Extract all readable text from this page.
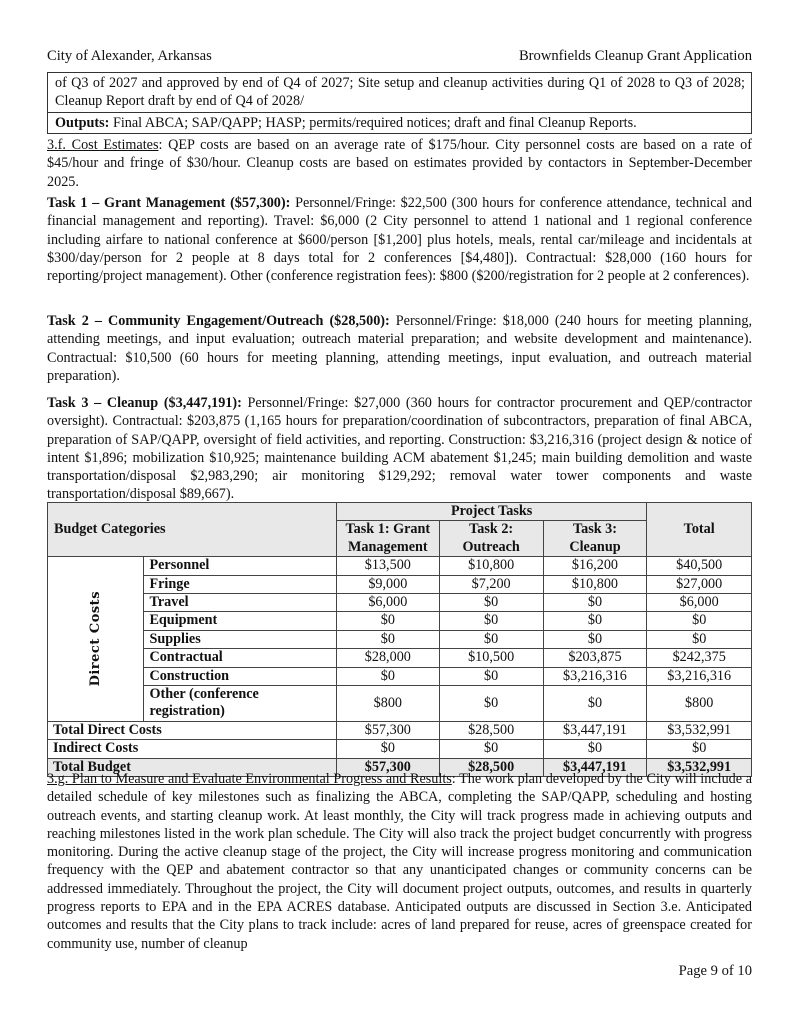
City of Alexander, Arkansas	Brownfields Cleanup Grant Application
of Q3 of 2027 and approved by end of Q4 of 2027; Site setup and cleanup activities during Q1 of 2028 to Q3 of 2028; Cleanup Report draft by end of Q4 of 2028/
Outputs: Final ABCA; SAP/QAPP; HASP; permits/required notices; draft and final Cleanup Reports.
3.f. Cost Estimates: QEP costs are based on an average rate of $175/hour. City personnel costs are based on a rate of $45/hour and fringe of $30/hour. Cleanup costs are based on estimates provided by contactors in September-December 2025.
Task 1 – Grant Management ($57,300): Personnel/Fringe: $22,500 (300 hours for conference attendance, technical and financial management and reporting). Travel: $6,000 (2 City personnel to attend 1 national and 1 regional conference including airfare to national conference at $600/person [$1,200] plus hotels, meals, rental car/mileage and incidentals at $300/day/person for 2 people at 8 days total for 2 conferences [$4,480]). Contractual: $28,000 (160 hours for reporting/project management). Other (conference registration fees): $800 ($200/registration for 2 people at 2 conferences).
Task 2 – Community Engagement/Outreach ($28,500): Personnel/Fringe: $18,000 (240 hours for meeting planning, attending meetings, and input evaluation; outreach material preparation; and website development and maintenance). Contractual: $10,500 (60 hours for meeting planning, attending meetings, input evaluation, and outreach material preparation).
Task 3 – Cleanup ($3,447,191): Personnel/Fringe: $27,000 (360 hours for contractor procurement and QEP/contractor oversight). Contractual: $203,875 (1,165 hours for preparation/coordination of subcontractors, preparation of final ABCA, preparation of SAP/QAPP, oversight of field activities, and reporting. Construction: $3,216,316 (project design & notice of intent $1,896; mobilization $10,925; maintenance building ACM abatement $1,245; main building demolition and waste transportation/disposal $2,983,290; air monitoring $129,292; removal water tower components and waste transportation/disposal $89,667).
Budget Categories		Project Tasks			Total
		Task 1: Grant Management	Task 2: Outreach	Task 3: Cleanup	
Direct Costs	Personnel	$13,500	$10,800	$16,200	$40,500
	Fringe	$9,000	$7,200	$10,800	$27,000
	Travel	$6,000	$0	$0	$6,000
	Equipment	$0	$0	$0	$0
	Supplies	$0	$0	$0	$0
	Contractual	$28,000	$10,500	$203,875	$242,375
	Construction	$0	$0	$3,216,316	$3,216,316
	Other (conference registration)	$800	$0	$0	$800
Total Direct Costs		$57,300	$28,500	$3,447,191	$3,532,991
Indirect Costs		$0	$0	$0	$0
Total Budget		$57,300	$28,500	$3,447,191	$3,532,991
3.g. Plan to Measure and Evaluate Environmental Progress and Results: The work plan developed by the City will include a detailed schedule of key milestones such as finalizing the ABCA, completing the SAP/QAPP, scheduling and hosting outreach events, and starting cleanup work. At least monthly, the City will track progress made in achieving outputs and reaching milestones listed in the work plan schedule. The City will also track the project budget concurrently with progress monitoring. During the active cleanup stage of the project, the City will increase progress monitoring and communication frequency with the QEP and abatement contractor so that any unanticipated changes or community concerns can be addressed immediately. Throughout the project, the City will document project outputs, outcomes, and results in quarterly progress reports to EPA and in the EPA ACRES database. Anticipated outputs are discussed in Section 3.e. Anticipated outcomes and results that the City plans to track include: acres of land prepared for reuse, acres of greenspace created for community use, number of cleanup
Page 9 of 10
